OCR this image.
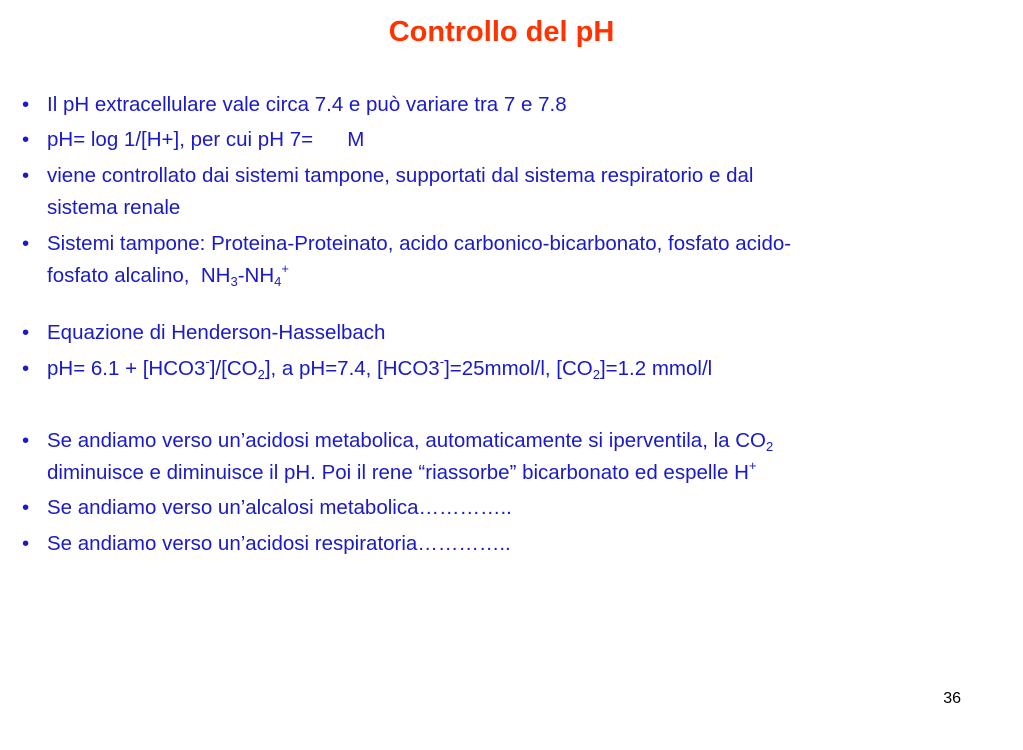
Controllo del pH
• Il pH extracellulare vale circa 7.4 e può variare tra 7 e 7.8
• pH= log 1/[H+], per cui pH 7=      M
• viene controllato dai sistemi tampone, supportati dal sistema respiratorio e dal
sistema renale
• Sistemi tampone: Proteina-Proteinato, acido carbonico-bicarbonato, fosfato acido-
fosfato alcalino,  $NH_3-NH_4^+$
• Equazione di Henderson-Hasselbach
• $pH= 6.1 + [HCO3^-]/[CO_2]$, a pH=7.4, [HCO3-]=25mmol/l, $[CO_2]=1.2$ mmol/l
• Se andiamo verso un’acidosi metabolica, automaticamente si iperventila, la $CO_2$
diminuisce e diminuisce il pH. Poi il rene “riassorbe” bicarbonato ed espelle H+
• Se andiamo verso un’alcalosi metabolica…………..
• Se andiamo verso un’acidosi respiratoria…………..
36
